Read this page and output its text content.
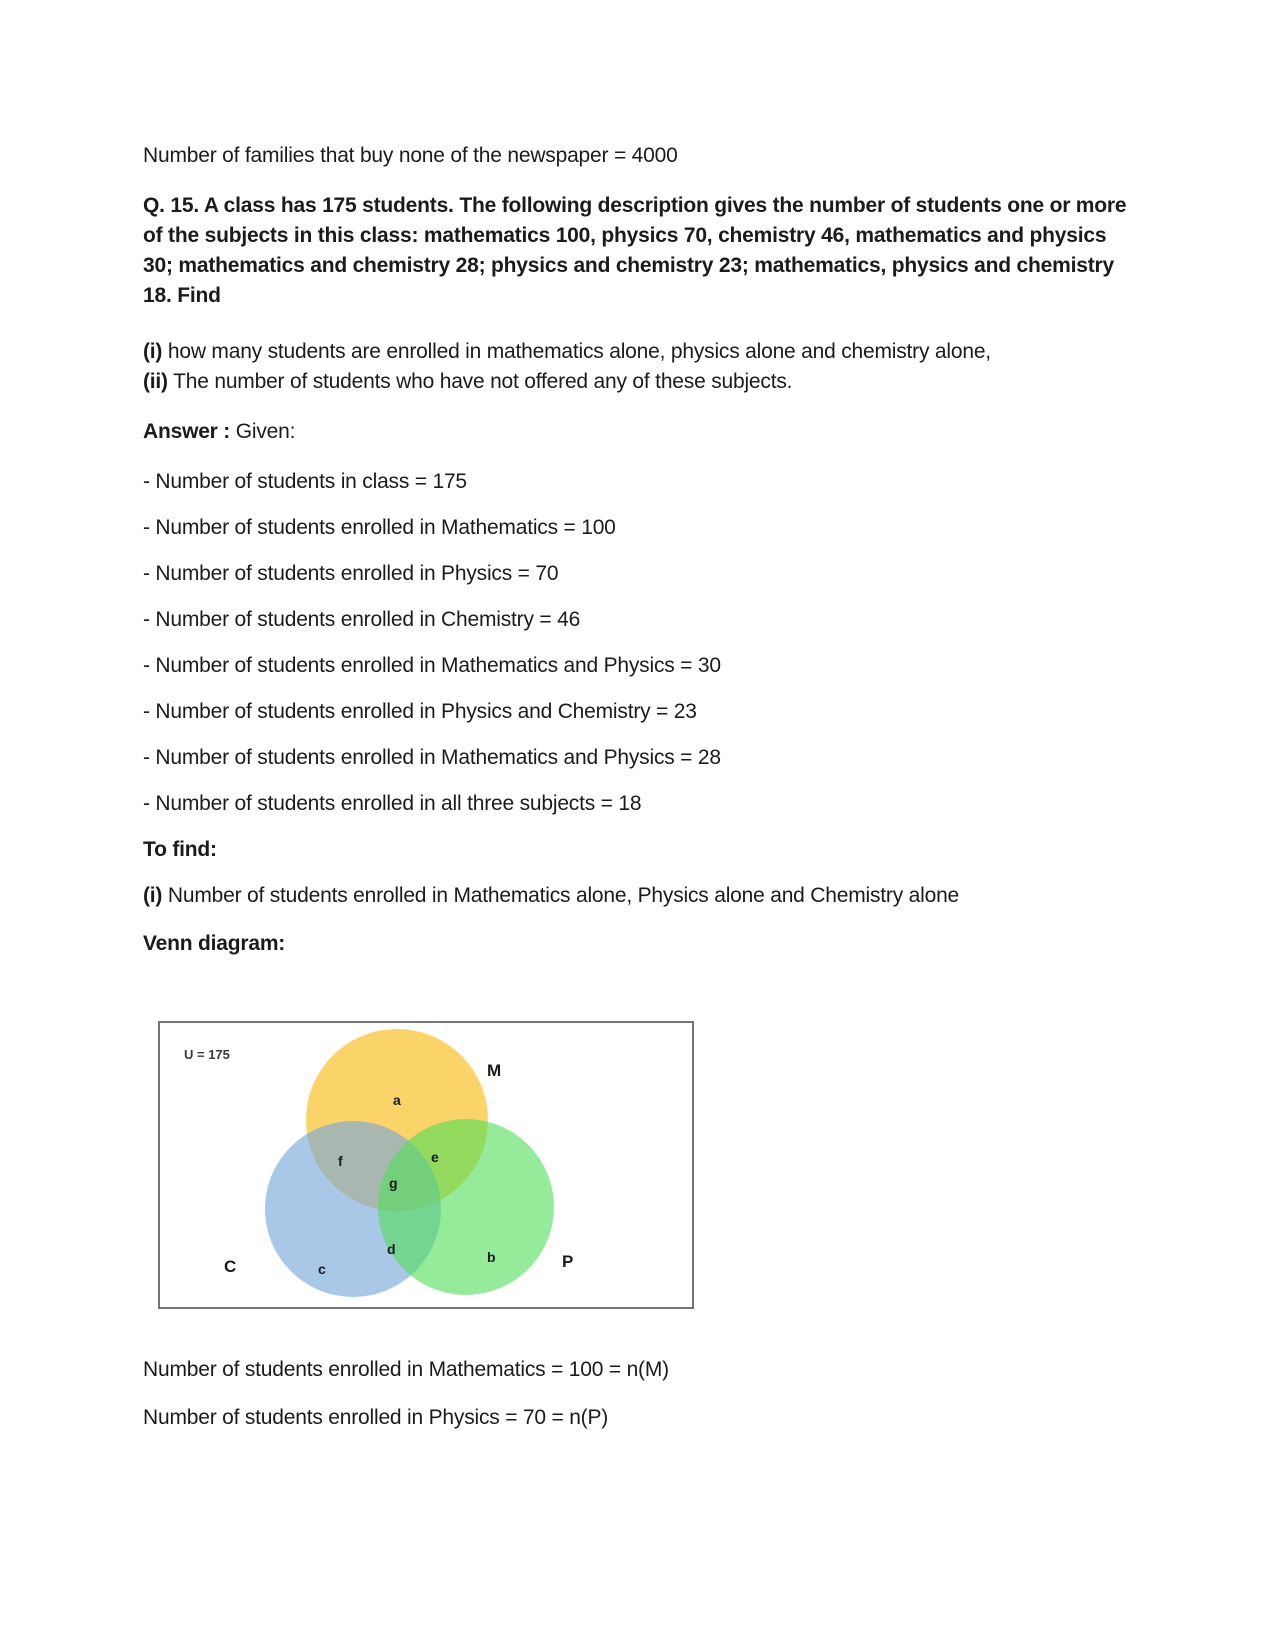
Number of families that buy none of the newspaper = 4000

Q. 15. A class has 175 students. The following description gives the number of students one or more of the subjects in this class: mathematics 100, physics 70, chemistry 46, mathematics and physics 30; mathematics and chemistry 28; physics and chemistry 23; mathematics, physics and chemistry 18. Find

(i) how many students are enrolled in mathematics alone, physics alone and chemistry alone,
(ii) The number of students who have not offered any of these subjects.

Answer : Given:

- Number of students in class = 175

- Number of students enrolled in Mathematics = 100

- Number of students enrolled in Physics = 70

- Number of students enrolled in Chemistry = 46

- Number of students enrolled in Mathematics and Physics = 30

- Number of students enrolled in Physics and Chemistry = 23

- Number of students enrolled in Mathematics and Physics = 28

- Number of students enrolled in all three subjects = 18

To find:

(i) Number of students enrolled in Mathematics alone, Physics alone and Chemistry alone

Venn diagram:

U = 175
M
C	P
a
f	e
g
d
c
b

Number of students enrolled in Mathematics = 100 = n(M)

Number of students enrolled in Physics = 70 = n(P)
